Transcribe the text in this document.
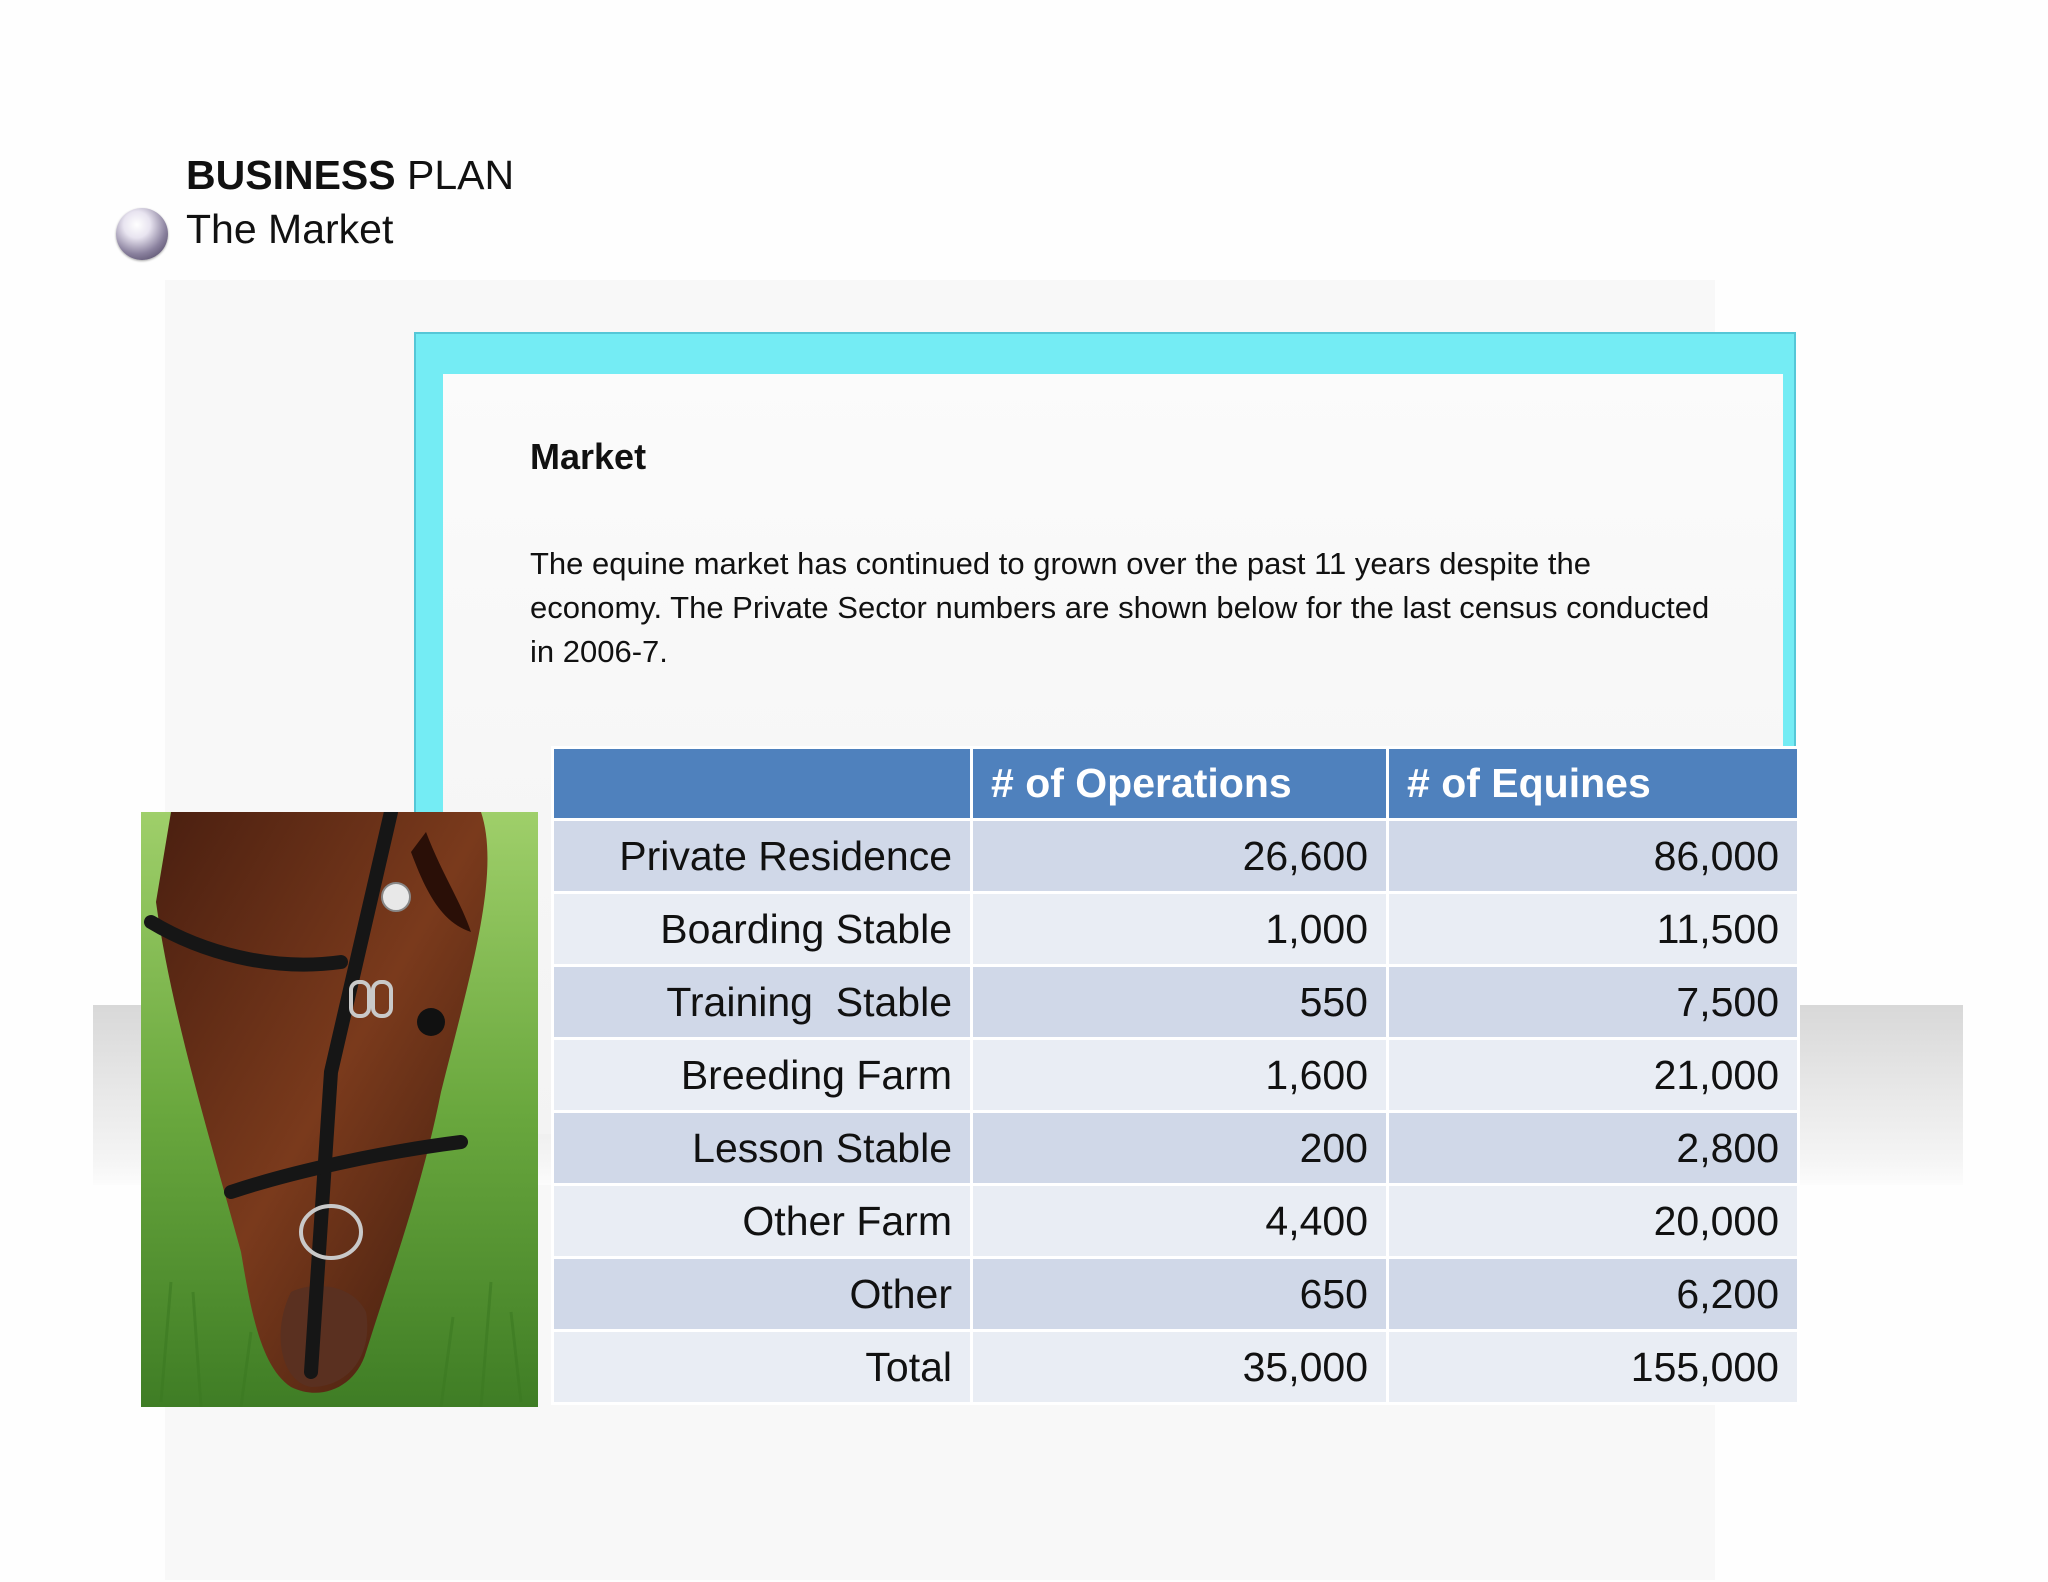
BUSINESS PLAN

The Market

Market

The equine market has continued to grown over the past 11 years despite the economy. The Private Sector numbers are shown below for the last census conducted in 2006-7.

	# of Operations	# of Equines
Private Residence	26,600	86,000
Boarding Stable	1,000	11,500
Training  Stable	550	7,500
Breeding Farm	1,600	21,000
Lesson Stable	200	2,800
Other Farm	4,400	20,000
Other	650	6,200
Total	35,000	155,000
